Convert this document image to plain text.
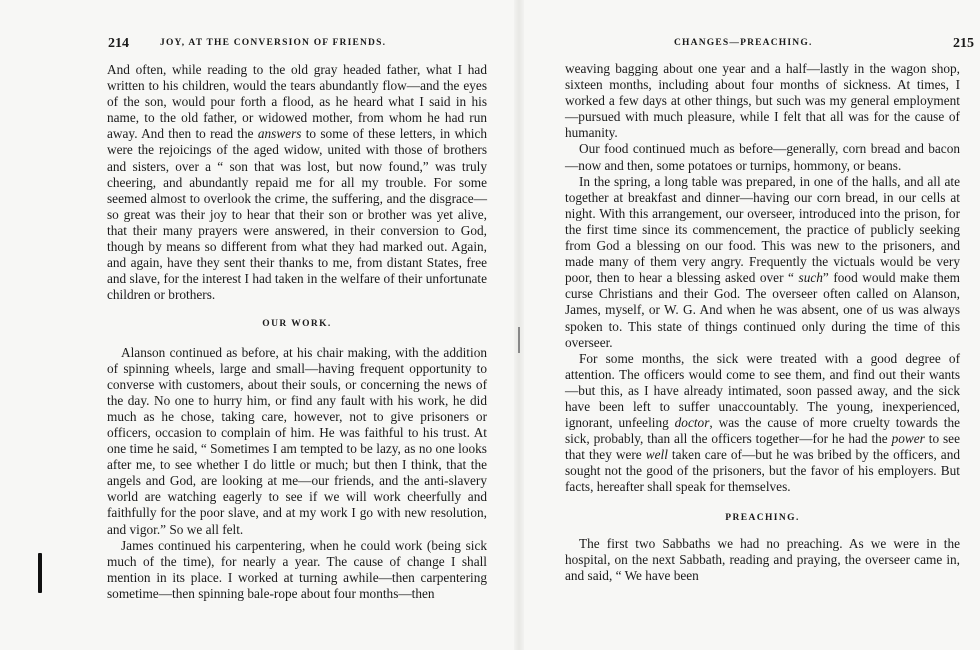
214	JOY, AT THE CONVERSION OF FRIENDS.

And often, while reading to the old gray headed father, what I had written to his children, would the tears abundantly flow—and the eyes of the son, would pour forth a flood, as he heard what I said in his name, to the old father, or widowed mother, from whom he had run away. And then to read the answers to some of these letters, in which were the rejoicings of the aged widow, united with those of brothers and sisters, over a “ son that was lost, but now found,” was truly cheering, and abundantly repaid me for all my trouble. For some seemed almost to overlook the crime, the suffering, and the disgrace—so great was their joy to hear that their son or brother was yet alive, that their many prayers were answered, in their conversion to God, though by means so different from what they had marked out. Again, and again, have they sent their thanks to me, from distant States, free and slave, for the interest I had taken in the welfare of their unfortunate children or brothers.

OUR WORK.

Alanson continued as before, at his chair making, with the addition of spinning wheels, large and small—having frequent opportunity to converse with customers, about their souls, or concerning the news of the day. No one to hurry him, or find any fault with his work, he did much as he chose, taking care, however, not to give prisoners or officers, occasion to complain of him. He was faithful to his trust. At one time he said, “ Sometimes I am tempted to be lazy, as no one looks after me, to see whether I do little or much; but then I think, that the angels and God, are looking at me—our friends, and the anti-slavery world are watching eagerly to see if we will work cheerfully and faithfully for the poor slave, and at my work I go with new resolution, and vigor.” So we all felt.

James continued his carpentering, when he could work (being sick much of the time), for nearly a year. The cause of change I shall mention in its place. I worked at turning awhile—then carpentering sometime—then spinning bale-rope about four months—then

CHANGES—PREACHING.	215

weaving bagging about one year and a half—lastly in the wagon shop, sixteen months, including about four months of sickness. At times, I worked a few days at other things, but such was my general employment—pursued with much pleasure, while I felt that all was for the cause of humanity.

Our food continued much as before—generally, corn bread and bacon—now and then, some potatoes or turnips, hommony, or beans.

In the spring, a long table was prepared, in one of the halls, and all ate together at breakfast and dinner—having our corn bread, in our cells at night. With this arrangement, our overseer, introduced into the prison, for the first time since its commencement, the practice of publicly seeking from God a blessing on our food. This was new to the prisoners, and made many of them very angry. Frequently the victuals would be very poor, then to hear a blessing asked over “ such” food would make them curse Christians and their God. The overseer often called on Alanson, James, myself, or W. G. And when he was absent, one of us was always spoken to. This state of things continued only during the time of this overseer.

For some months, the sick were treated with a good degree of attention. The officers would come to see them, and find out their wants—but this, as I have already intimated, soon passed away, and the sick have been left to suffer unaccountably. The young, inexperienced, ignorant, unfeeling doctor, was the cause of more cruelty towards the sick, probably, than all the officers together—for he had the power to see that they were well taken care of—but he was bribed by the officers, and sought not the good of the prisoners, but the favor of his employers. But facts, hereafter shall speak for themselves.

PREACHING.

The first two Sabbaths we had no preaching. As we were in the hospital, on the next Sabbath, reading and praying, the overseer came in, and said, “ We have been
